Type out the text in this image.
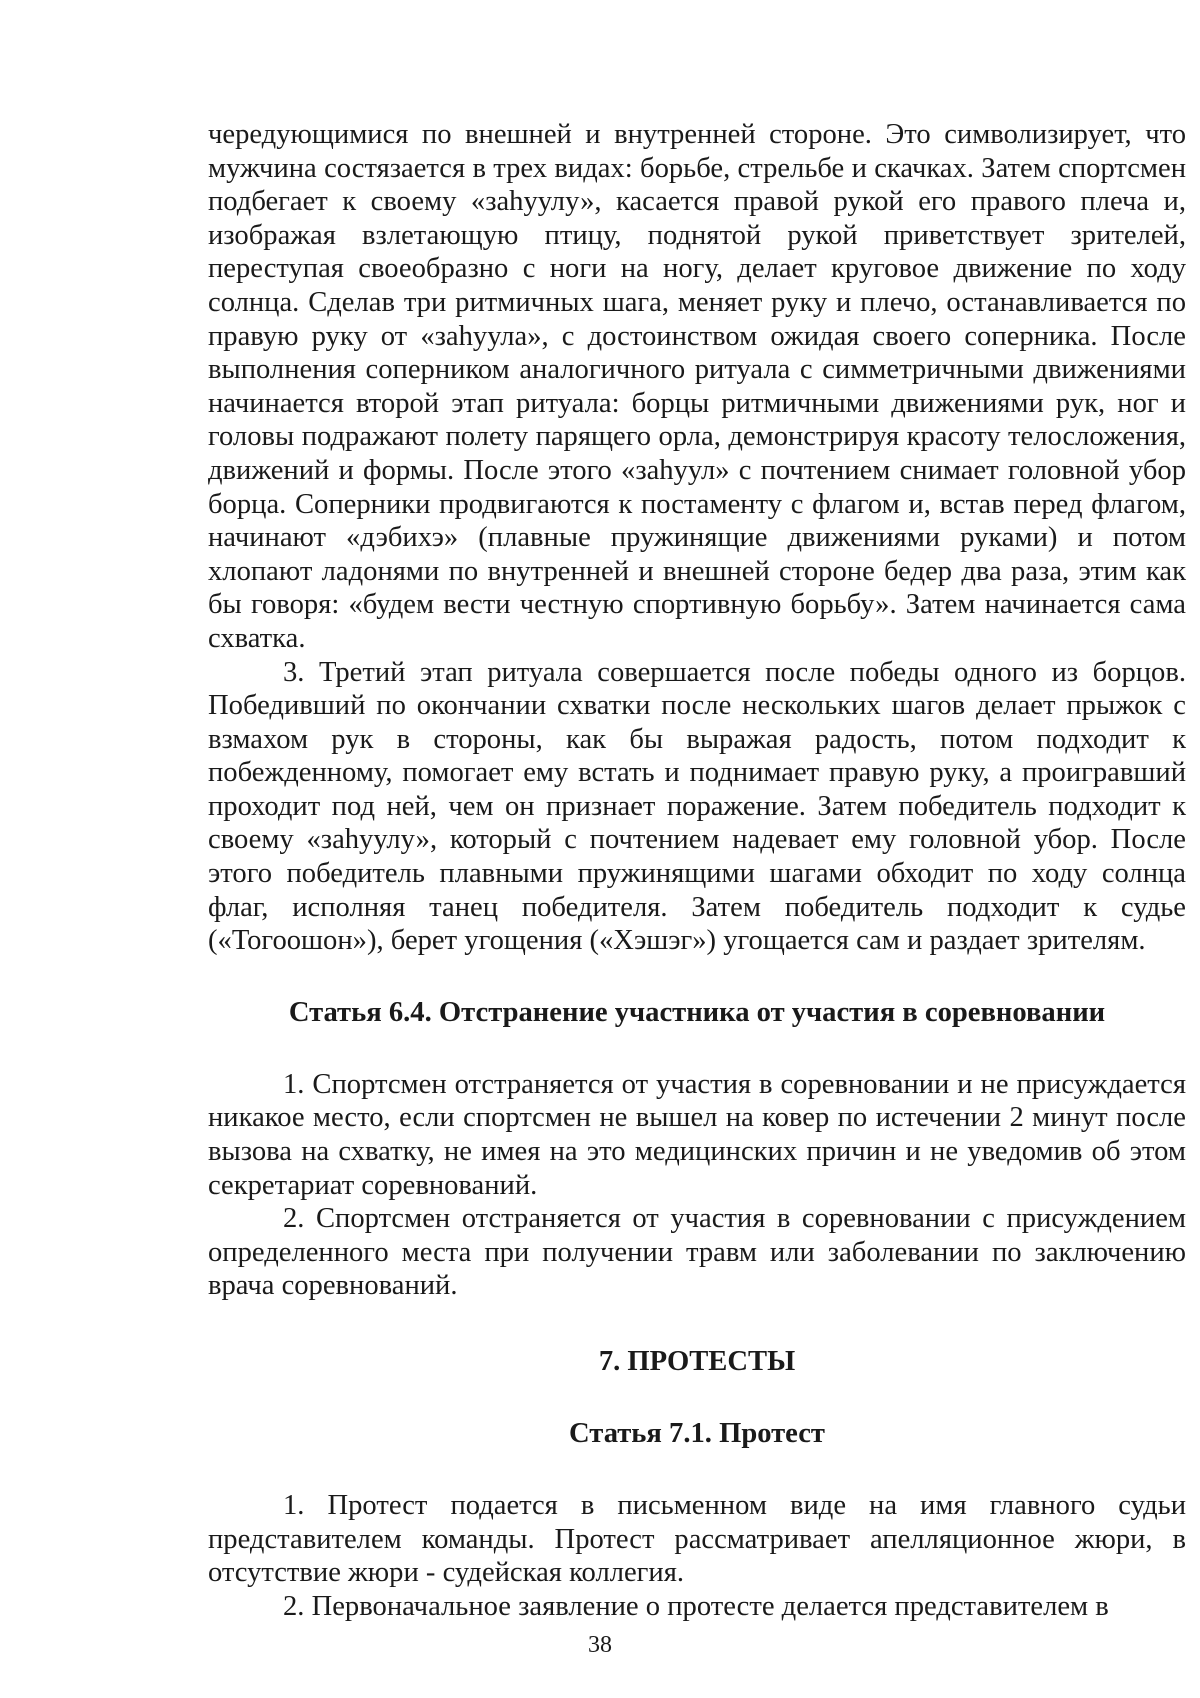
чередующимися по внешней и внутренней стороне. Это символизирует, что мужчина состязается в трех видах: борьбе, стрельбе и скачках. Затем спортсмен подбегает к своему «заhуулу», касается правой рукой его правого плеча и, изображая взлетающую птицу, поднятой рукой приветствует зрителей, переступая своеобразно с ноги на ногу, делает круговое движение по ходу солнца. Сделав три ритмичных шага, меняет руку и плечо, останавливается по правую руку от «заhуула», с достоинством ожидая своего соперника. После выполнения соперником аналогичного ритуала с симметричными движениями начинается второй этап ритуала: борцы ритмичными движениями рук, ног и головы подражают полету парящего орла, демонстрируя красоту телосложения, движений и формы. После этого «заhуул» с почтением снимает головной убор борца. Соперники продвигаются к постаменту с флагом и, встав перед флагом, начинают «дэбихэ» (плавные пружинящие движениями руками) и потом хлопают ладонями по внутренней и внешней стороне бедер два раза, этим как бы говоря: «будем вести честную спортивную борьбу». Затем начинается сама схватка.

3. Третий этап ритуала совершается после победы одного из борцов. Победивший по окончании схватки после нескольких шагов делает прыжок с взмахом рук в стороны, как бы выражая радость, потом подходит к побежденному, помогает ему встать и поднимает правую руку, а проигравший проходит под ней, чем он признает поражение. Затем победитель подходит к своему «заhуулу», который с почтением надевает ему головной убор. После этого победитель плавными пружинящими шагами обходит по ходу солнца флаг, исполняя танец победителя. Затем победитель подходит к судье («Тогоошон»), берет угощения («Хэшэг») угощается сам и раздает зрителям.

Статья 6.4. Отстранение участника от участия в соревновании

1. Спортсмен отстраняется от участия в соревновании и не присуждается никакое место, если спортсмен не вышел на ковер по истечении 2 минут после вызова на схватку, не имея на это медицинских причин и не уведомив об этом секретариат соревнований.

2. Спортсмен отстраняется от участия в соревновании с присуждением определенного места при получении травм или заболевании по заключению врача соревнований.

7. ПРОТЕСТЫ
Статья 7.1. Протест

1. Протест подается в письменном виде на имя главного судьи представителем команды. Протест рассматривает апелляционное жюри, в отсутствие жюри - судейская коллегия.

2. Первоначальное заявление о протесте делается представителем в

38
